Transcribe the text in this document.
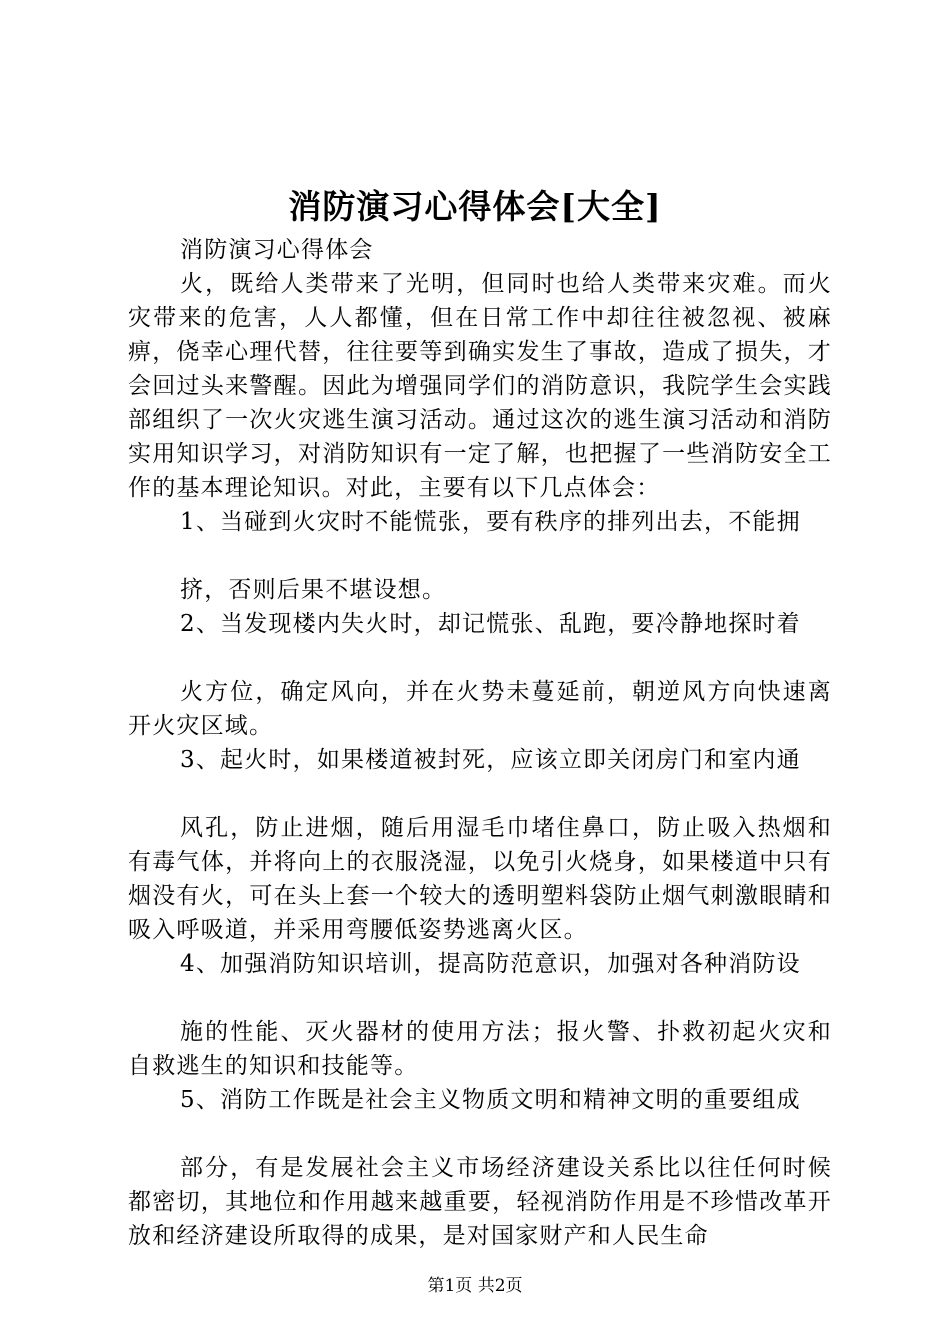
消防演习心得体会[大全]

消防演习心得体会

火，既给人类带来了光明，但同时也给人类带来灾难。而火灾带来的危害，人人都懂，但在日常工作中却往往被忽视、被麻痹，侥幸心理代替，往往要等到确实发生了事故，造成了损失，才会回过头来警醒。因此为增强同学们的消防意识，我院学生会实践部组织了一次火灾逃生演习活动。通过这次的逃生演习活动和消防实用知识学习，对消防知识有一定了解，也把握了一些消防安全工作的基本理论知识。对此，主要有以下几点体会：

1、当碰到火灾时不能慌张，要有秩序的排列出去，不能拥

挤，否则后果不堪设想。

2、当发现楼内失火时，却记慌张、乱跑，要冷静地探时着

火方位，确定风向，并在火势未蔓延前，朝逆风方向快速离开火灾区域。

3、起火时，如果楼道被封死，应该立即关闭房门和室内通

风孔，防止进烟，随后用湿毛巾堵住鼻口，防止吸入热烟和有毒气体，并将向上的衣服浇湿，以免引火烧身，如果楼道中只有烟没有火，可在头上套一个较大的透明塑料袋防止烟气刺激眼睛和吸入呼吸道，并采用弯腰低姿势逃离火区。

4、加强消防知识培训，提高防范意识，加强对各种消防设

施的性能、灭火器材的使用方法；报火警、扑救初起火灾和自救逃生的知识和技能等。

5、消防工作既是社会主义物质文明和精神文明的重要组成

部分，有是发展社会主义市场经济建设关系比以往任何时候都密切，其地位和作用越来越重要，轻视消防作用是不珍惜改革开放和经济建设所取得的成果，是对国家财产和人民生命

第1页 共2页
